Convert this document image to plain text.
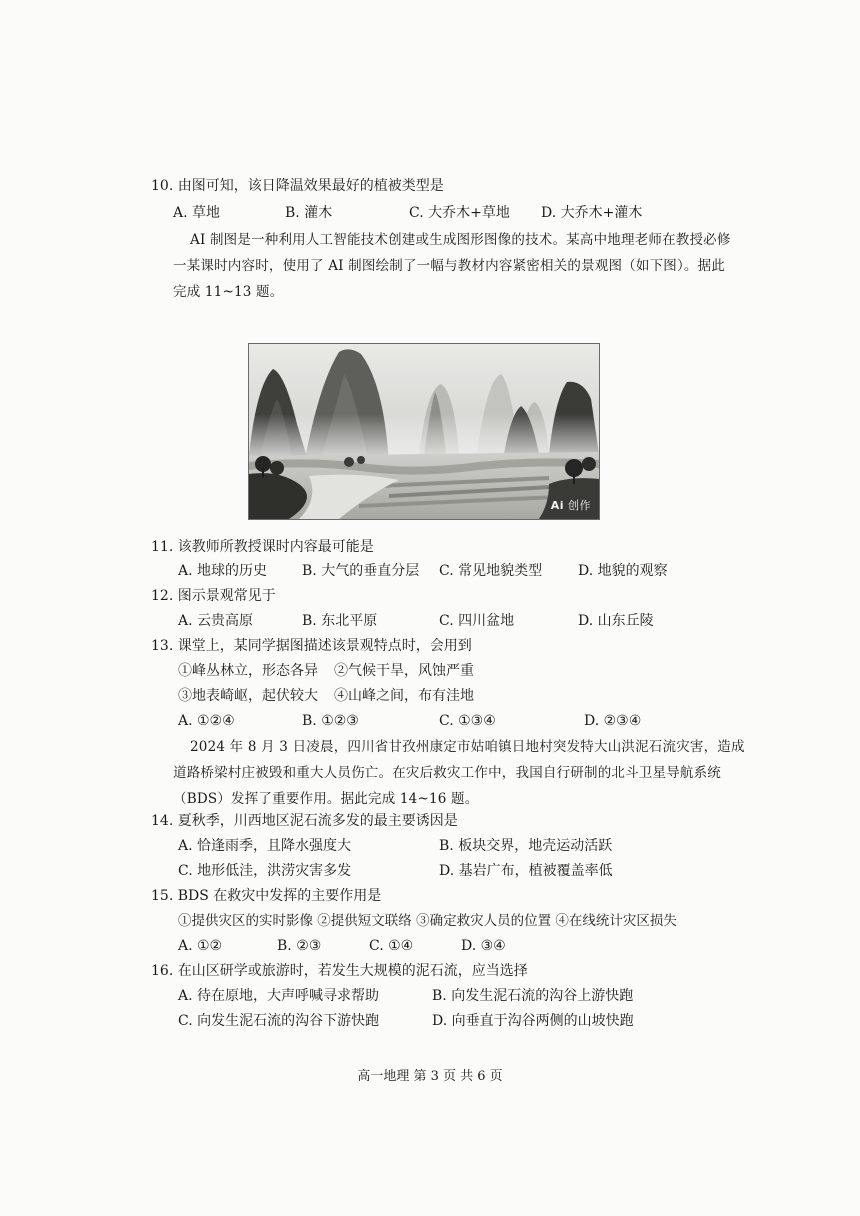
10. 由图可知，该日降温效果最好的植被类型是
A. 草地	B. 灌木	C. 大乔木+草地 D. 大乔木+灌木
AI 制图是一种利用人工智能技术创建或生成图形图像的技术。某高中地理老师在教授必修
一某课时内容时，使用了 AI 制图绘制了一幅与教材内容紧密相关的景观图（如下图）。据此
完成 11~13 题。
Ai 创作
11. 该教师所教授课时内容最可能是
A. 地球的历史 B. 大气的垂直分层 C. 常见地貌类型	D. 地貌的观察
12. 图示景观常见于
A. 云贵高原	B. 东北平原	C. 四川盆地	D. 山东丘陵
13. 课堂上，某同学据图描述该景观特点时，会用到
①峰丛林立，形态各异 ②气候干旱，风蚀严重
③地表崎岖，起伏较大 ④山峰之间，布有洼地
A. ①②④	B. ①②③	C. ①③④	D. ②③④
2024 年 8 月 3 日凌晨，四川省甘孜州康定市姑咱镇日地村突发特大山洪泥石流灾害，造成
道路桥梁村庄被毁和重大人员伤亡。在灾后救灾工作中，我国自行研制的北斗卫星导航系统
（BDS）发挥了重要作用。据此完成 14~16 题。
14. 夏秋季，川西地区泥石流多发的最主要诱因是
A. 恰逢雨季，且降水强度大	B. 板块交界，地壳运动活跃
C. 地形低洼，洪涝灾害多发	D. 基岩广布，植被覆盖率低
15. BDS 在救灾中发挥的主要作用是
①提供灾区的实时影像 ②提供短文联络 ③确定救灾人员的位置 ④在线统计灾区损失
A. ①②	B. ②③	C. ①④	D. ③④
16. 在山区研学或旅游时，若发生大规模的泥石流，应当选择
A. 待在原地，大声呼喊寻求帮助	B. 向发生泥石流的沟谷上游快跑
C. 向发生泥石流的沟谷下游快跑	D. 向垂直于沟谷两侧的山坡快跑
高一地理 第 3 页 共 6 页
